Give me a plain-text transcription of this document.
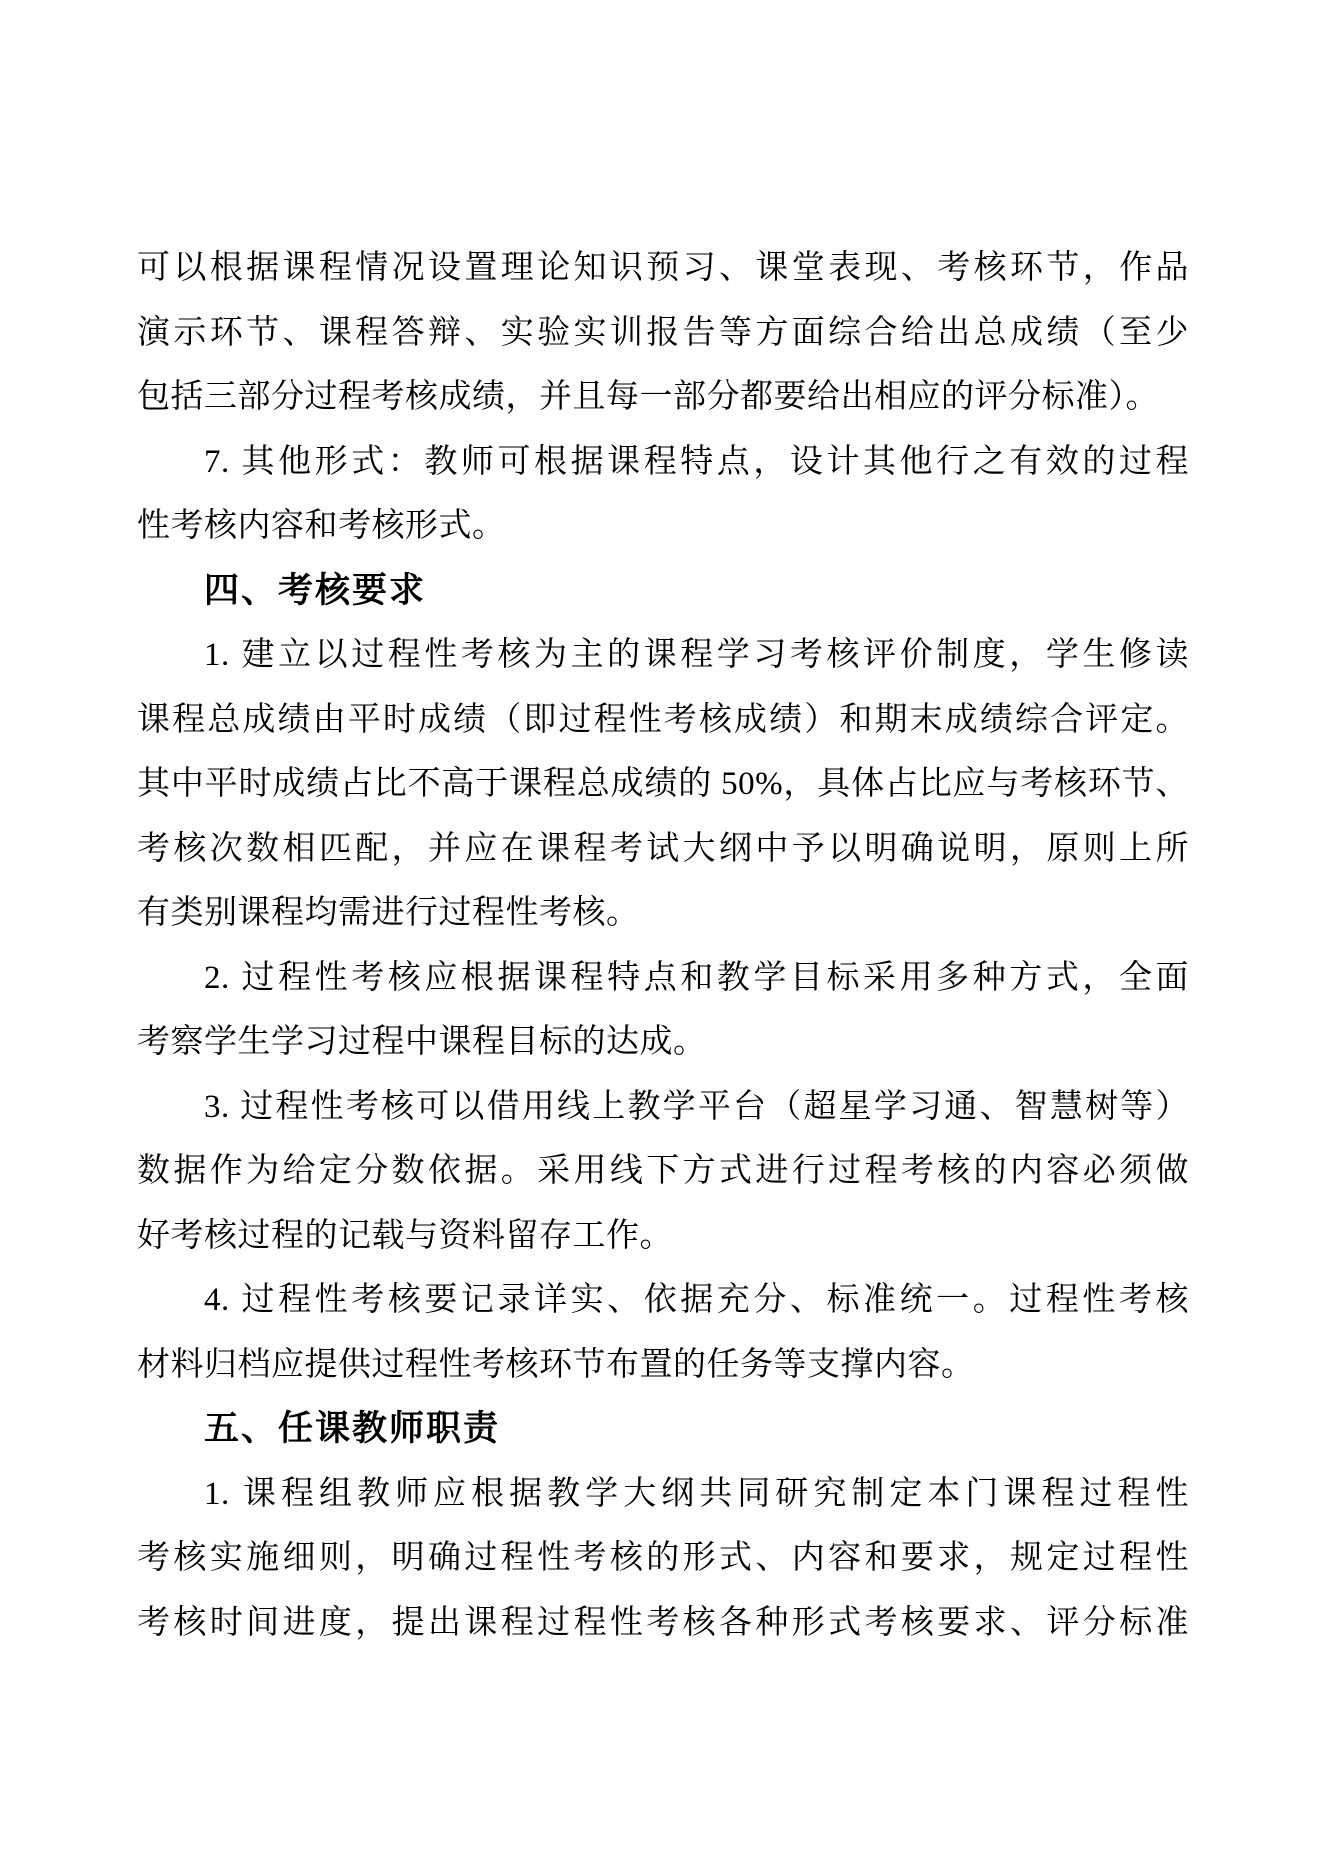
可以根据课程情况设置理论知识预习、课堂表现、考核环节，作品
演示环节、课程答辩、实验实训报告等方面综合给出总成绩（至少
包括三部分过程考核成绩，并且每一部分都要给出相应的评分标准）。
7. 其他形式：教师可根据课程特点，设计其他行之有效的过程
性考核内容和考核形式。
四、考核要求
1. 建立以过程性考核为主的课程学习考核评价制度，学生修读
课程总成绩由平时成绩（即过程性考核成绩）和期末成绩综合评定。
其中平时成绩占比不高于课程总成绩的 50%，具体占比应与考核环节、
考核次数相匹配，并应在课程考试大纲中予以明确说明，原则上所
有类别课程均需进行过程性考核。
2. 过程性考核应根据课程特点和教学目标采用多种方式，全面
考察学生学习过程中课程目标的达成。
3. 过程性考核可以借用线上教学平台（超星学习通、智慧树等）
数据作为给定分数依据。采用线下方式进行过程考核的内容必须做
好考核过程的记载与资料留存工作。
4. 过程性考核要记录详实、依据充分、标准统一。过程性考核
材料归档应提供过程性考核环节布置的任务等支撑内容。
五、任课教师职责
1. 课程组教师应根据教学大纲共同研究制定本门课程过程性
考核实施细则，明确过程性考核的形式、内容和要求，规定过程性
考核时间进度，提出课程过程性考核各种形式考核要求、评分标准
